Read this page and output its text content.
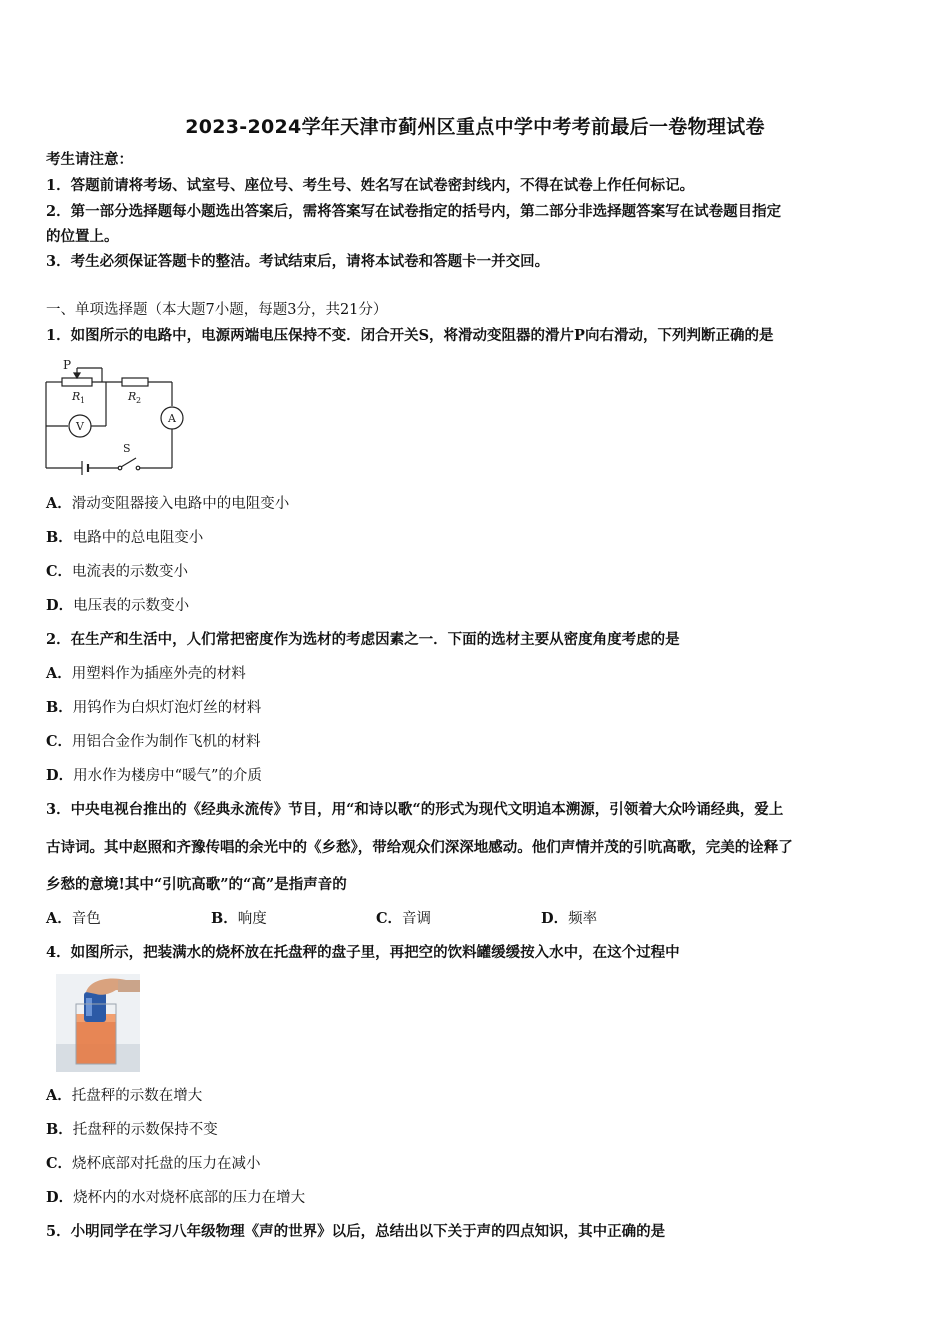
2023-2024学年天津市蓟州区重点中学中考考前最后一卷物理试卷
考生请注意：
1．答题前请将考场、试室号、座位号、考生号、姓名写在试卷密封线内，不得在试卷上作任何标记。
2．第一部分选择题每小题选出答案后，需将答案写在试卷指定的括号内，第二部分非选择题答案写在试卷题目指定
的位置上。
3．考生必须保证答题卡的整洁。考试结束后，请将本试卷和答题卡一并交回。
一、单项选择题（本大题7小题，每题3分，共21分）
1．如图所示的电路中，电源两端电压保持不变．闭合开关S，将滑动变阻器的滑片P向右滑动，下列判断正确的是
P
R 1	R 2
A
V
S
A．滑动变阻器接入电路中的电阻变小
B．电路中的总电阻变小
C．电流表的示数变小
D．电压表的示数变小
2．在生产和生活中，人们常把密度作为选材的考虑因素之一．下面的选材主要从密度角度考虑的是
A．用塑料作为插座外壳的材料
B．用钨作为白炽灯泡灯丝的材料
C．用铝合金作为制作飞机的材料
D．用水作为楼房中“暖气”的介质
3．中央电视台推出的《经典永流传》节目，用“和诗以歌“的形式为现代文明追本溯源，引领着大众吟诵经典，爱上
古诗词。其中赵照和齐豫传唱的余光中的《乡愁》，带给观众们深深地感动。他们声情并茂的引吭高歌，完美的诠释了
乡愁的意境!其中“引吭高歌”的“高”是指声音的
A．音色	B．响度	C．音调	D．频率
4．如图所示，把装满水的烧杯放在托盘秤的盘子里，再把空的饮料罐缓缓按入水中，在这个过程中
A．托盘秤的示数在增大
B．托盘秤的示数保持不变
C．烧杯底部对托盘的压力在减小
D．烧杯内的水对烧杯底部的压力在增大
5．小明同学在学习八年级物理《声的世界》以后，总结出以下关于声的四点知识，其中正确的是
